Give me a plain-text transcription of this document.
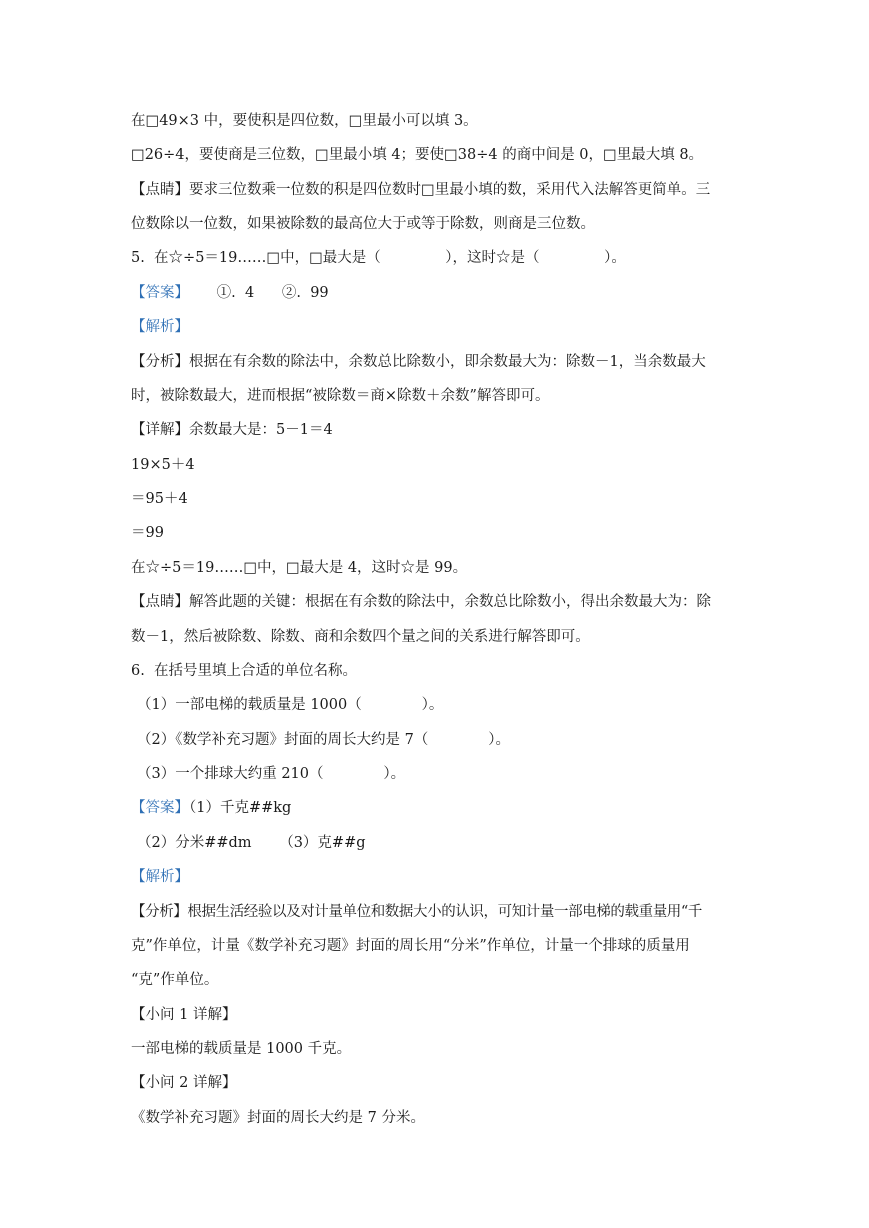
在□49×3 中，要使积是四位数，□里最小可以填 3。
□26÷4，要使商是三位数，□里最小填 4；要使□38÷4 的商中间是 0，□里最大填 8。
【点睛】要求三位数乘一位数的积是四位数时□里最小填的数，采用代入法解答更简单。三
位数除以一位数，如果被除数的最高位大于或等于除数，则商是三位数。
5.  在☆÷5＝19……□中，□最大是（              ），这时☆是（              ）。
【答案】      ①.  4      ②.  99
【解析】
【分析】根据在有余数的除法中，余数总比除数小，即余数最大为：除数－1，当余数最大
时，被除数最大，进而根据“被除数＝商×除数＋余数”解答即可。
【详解】余数最大是：5－1＝4
19×5＋4
＝95＋4
＝99
在☆÷5＝19……□中，□最大是 4，这时☆是 99。
【点睛】解答此题的关键：根据在有余数的除法中，余数总比除数小，得出余数最大为：除
数－1，然后被除数、除数、商和余数四个量之间的关系进行解答即可。
6.  在括号里填上合适的单位名称。
（1）一部电梯的载质量是 1000（             ）。
（2）《数学补充习题》封面的周长大约是 7（             ）。
（3）一个排球大约重 210（             ）。
【答案】（1）千克##kg
（2）分米##dm      （3）克##g
【解析】
【分析】根据生活经验以及对计量单位和数据大小的认识，可知计量一部电梯的载重量用“千
克”作单位，计量《数学补充习题》封面的周长用“分米”作单位，计量一个排球的质量用
“克”作单位。
【小问 1 详解】
一部电梯的载质量是 1000 千克。
【小问 2 详解】
《数学补充习题》封面的周长大约是 7 分米。
